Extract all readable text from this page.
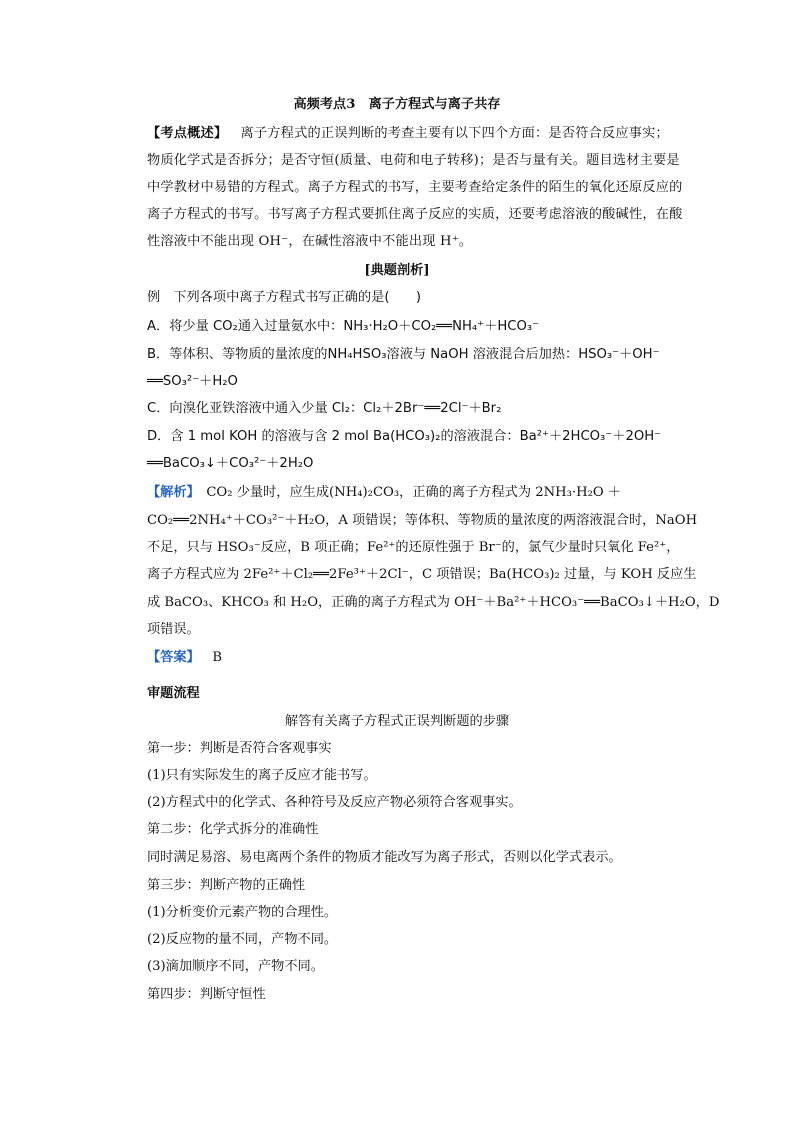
高频考点3　离子方程式与离子共存
【考点概述】 离子方程式的正误判断的考查主要有以下四个方面：是否符合反应事实；
物质化学式是否拆分；是否守恒(质量、电荷和电子转移)；是否与量有关。题目选材主要是
中学教材中易错的方程式。离子方程式的书写，主要考查给定条件的陌生的氧化还原反应的
离子方程式的书写。书写离子方程式要抓住离子反应的实质，还要考虑溶液的酸碱性，在酸
性溶液中不能出现 OH⁻，在碱性溶液中不能出现 H⁺。
[典题剖析]
例　下列各项中离子方程式书写正确的是(　　)
A．将少量 CO₂通入过量氨水中：NH₃·H₂O＋CO₂══NH₄⁺＋HCO₃⁻
B．等体积、等物质的量浓度的NH₄HSO₃溶液与 NaOH 溶液混合后加热：HSO₃⁻＋OH⁻
══SO₃²⁻＋H₂O
C．向溴化亚铁溶液中通入少量 Cl₂：Cl₂＋2Br⁻══2Cl⁻＋Br₂
D．含 1 mol KOH 的溶液与含 2 mol Ba(HCO₃)₂的溶液混合：Ba²⁺＋2HCO₃⁻＋2OH⁻
══BaCO₃↓＋CO₃²⁻＋2H₂O
【解析】　CO₂ 少量时，应生成(NH₄)₂CO₃，正确的离子方程式为 2NH₃·H₂O ＋
CO₂══2NH₄⁺＋CO₃²⁻＋H₂O，A 项错误；等体积、等物质的量浓度的两溶液混合时，NaOH
不足，只与 HSO₃⁻反应，B 项正确；Fe²⁺的还原性强于 Br⁻的，氯气少量时只氧化 Fe²⁺，
离子方程式应为 2Fe²⁺＋Cl₂══2Fe³⁺＋2Cl⁻，C 项错误；Ba(HCO₃)₂ 过量，与 KOH 反应生
成 BaCO₃、KHCO₃ 和 H₂O，正确的离子方程式为 OH⁻＋Ba²⁺＋HCO₃⁻══BaCO₃↓＋H₂O，D
项错误。
【答案】 B
审题流程
解答有关离子方程式正误判断题的步骤
第一步：判断是否符合客观事实
(1)只有实际发生的离子反应才能书写。
(2)方程式中的化学式、各种符号及反应产物必须符合客观事实。
第二步：化学式拆分的准确性
同时满足易溶、易电离两个条件的物质才能改写为离子形式，否则以化学式表示。
第三步：判断产物的正确性
(1)分析变价元素产物的合理性。
(2)反应物的量不同，产物不同。
(3)滴加顺序不同，产物不同。
第四步：判断守恒性
